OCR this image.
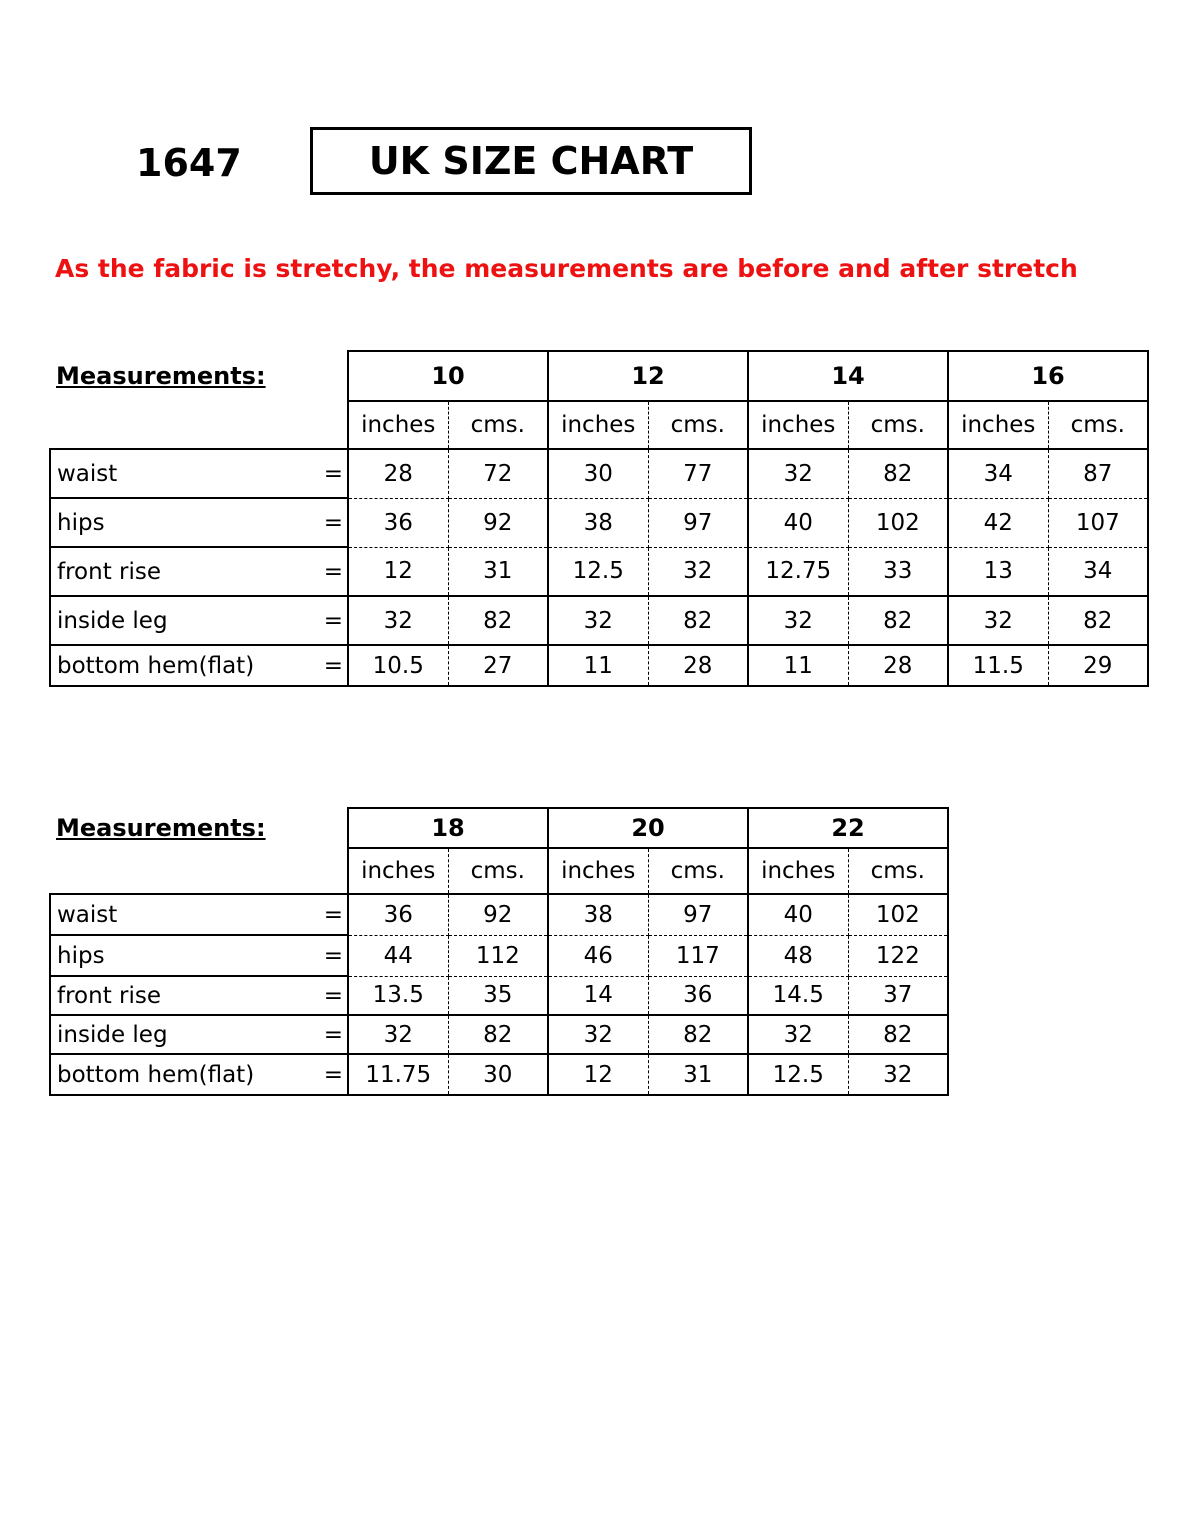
1647	UK SIZE CHART
As the fabric is stretchy, the measurements are before and after stretch
Measurements:		10		12		14		16	
		inches	cms.	inches	cms.	inches	cms.	inches	cms.
waist	=	28	72	30	77	32	82	34	87
hips	=	36	92	38	97	40	102	42	107
front rise	=	12	31	12.5	32	12.75	33	13	34
inside leg	=	32	82	32	82	32	82	32	82
bottom hem(flat)	=	10.5	27	11	28	11	28	11.5	29
Measurements:		18		20		22	
		inches	cms.	inches	cms.	inches	cms.
waist	=	36	92	38	97	40	102
hips	=	44	112	46	117	48	122
front rise	=	13.5	35	14	36	14.5	37
inside leg	=	32	82	32	82	32	82
bottom hem(flat)	=	11.75	30	12	31	12.5	32
